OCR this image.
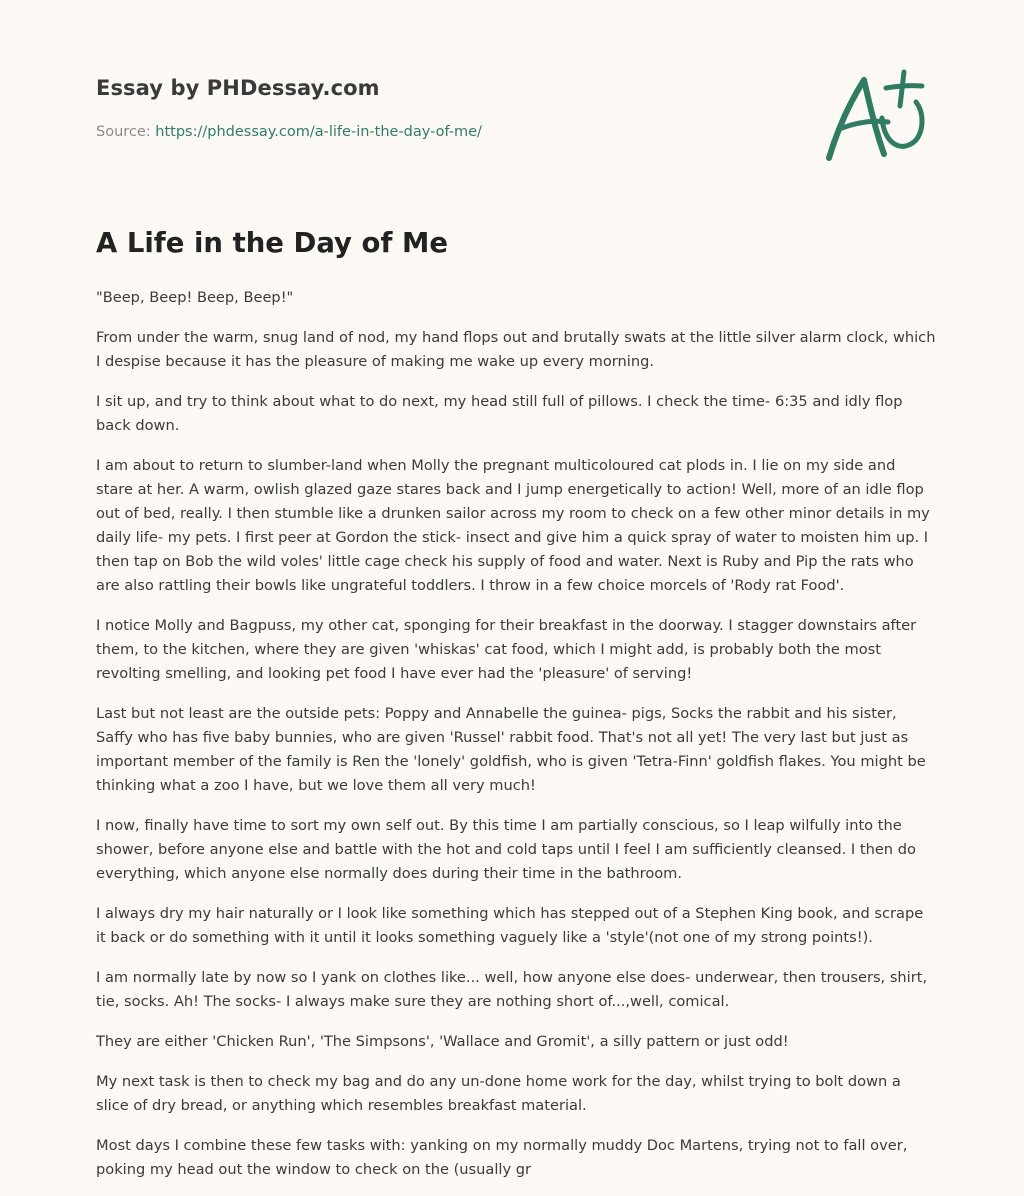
Essay by PHDessay.com

Source: https://phdessay.com/a-life-in-the-day-of-me/

A Life in the Day of Me

"Beep, Beep! Beep, Beep!"

From under the warm, snug land of nod, my hand flops out and brutally swats at the little silver alarm clock, which I despise because it has the pleasure of making me wake up every morning.

I sit up, and try to think about what to do next, my head still full of pillows. I check the time- 6:35 and idly flop back down.

I am about to return to slumber-land when Molly the pregnant multicoloured cat plods in. I lie on my side and stare at her. A warm, owlish glazed gaze stares back and I jump energetically to action! Well, more of an idle flop out of bed, really. I then stumble like a drunken sailor across my room to check on a few other minor details in my daily life- my pets. I first peer at Gordon the stick- insect and give him a quick spray of water to moisten him up. I then tap on Bob the wild voles' little cage check his supply of food and water. Next is Ruby and Pip the rats who are also rattling their bowls like ungrateful toddlers. I throw in a few choice morcels of 'Rody rat Food'.

I notice Molly and Bagpuss, my other cat, sponging for their breakfast in the doorway. I stagger downstairs after them, to the kitchen, where they are given 'whiskas' cat food, which I might add, is probably both the most revolting smelling, and looking pet food I have ever had the 'pleasure' of serving!

Last but not least are the outside pets: Poppy and Annabelle the guinea- pigs, Socks the rabbit and his sister, Saffy who has five baby bunnies, who are given 'Russel' rabbit food. That's not all yet! The very last but just as important member of the family is Ren the 'lonely' goldfish, who is given 'Tetra-Finn' goldfish flakes. You might be thinking what a zoo I have, but we love them all very much!

I now, finally have time to sort my own self out. By this time I am partially conscious, so I leap wilfully into the shower, before anyone else and battle with the hot and cold taps until I feel I am sufficiently cleansed. I then do everything, which anyone else normally does during their time in the bathroom.

I always dry my hair naturally or I look like something which has stepped out of a Stephen King book, and scrape it back or do something with it until it looks something vaguely like a 'style'(not one of my strong points!).

I am normally late by now so I yank on clothes like... well, how anyone else does- underwear, then trousers, shirt, tie, socks. Ah! The socks- I always make sure they are nothing short of...,well, comical.

They are either 'Chicken Run', 'The Simpsons', 'Wallace and Gromit', a silly pattern or just odd!

My next task is then to check my bag and do any un-done home work for the day, whilst trying to bolt down a slice of dry bread, or anything which resembles breakfast material.

Most days I combine these few tasks with: yanking on my normally muddy Doc Martens, trying not to fall over, poking my head out the window to check on the (usually gr
